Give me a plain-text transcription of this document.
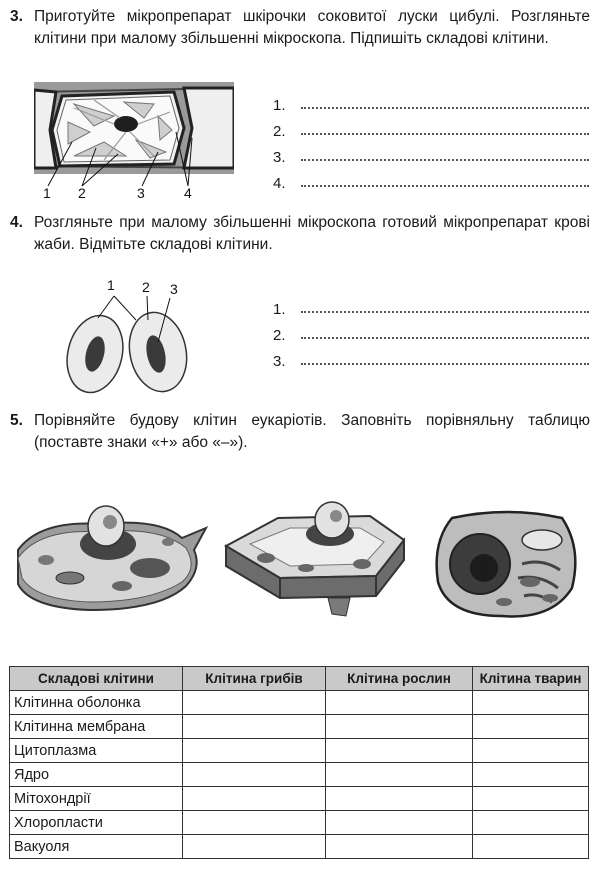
3. Приготуйте мікропрепарат шкірочки соковитої луски цибулі. Розгляньте клітини при малому збільшенні мікроскопа. Підпишіть складові клітини.
1 2	3	4
1.
2.
3.
4.
4. Розгляньте при малому збільшенні мікроскопа готовий мікропрепарат крові жаби. Відмітьте складові клітини.
1 2 3
1.
2.
3.
5. Порівняйте будову клітин еукаріотів. Заповніть порівняльну таблицю (поставте знаки «+» або «–»).
Складові клітини	Клітина грибів	Клітина рослин	Клітина тварин
Клітинна оболонка			
Клітинна мембрана			
Цитоплазма			
Ядро			
Мітохондрії			
Хлоропласти			
Вакуоля			
